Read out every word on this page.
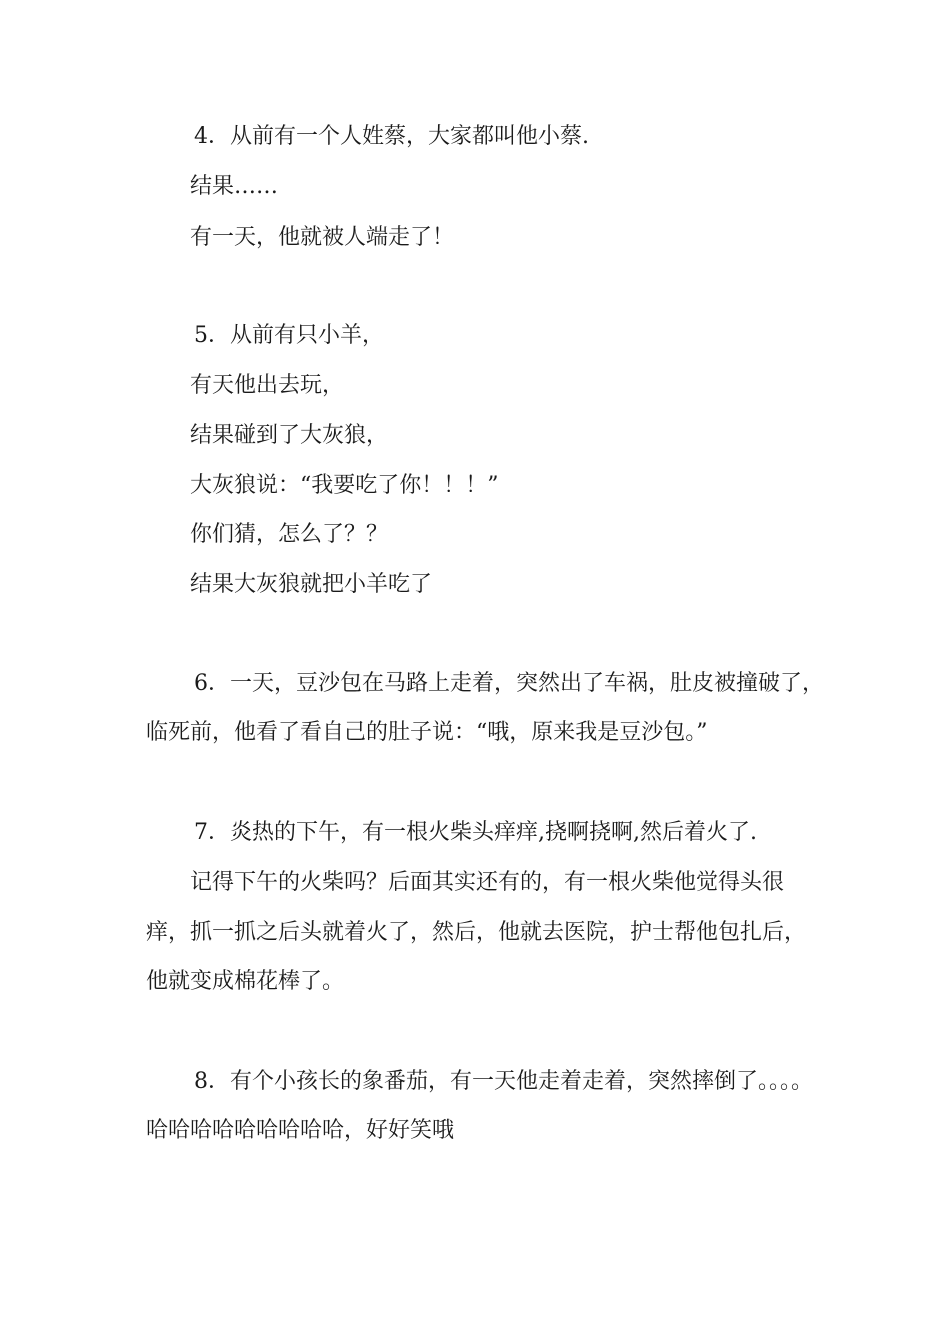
4．从前有一个人姓蔡，大家都叫他小蔡.

结果……

有一天，他就被人端走了！

5．从前有只小羊，

有天他出去玩，

结果碰到了大灰狼，

大灰狼说：“我要吃了你！！！”

你们猜，怎么了？？

结果大灰狼就把小羊吃了

6．一天，豆沙包在马路上走着，突然出了车祸，肚皮被撞破了，

临死前，他看了看自己的肚子说：“哦，原来我是豆沙包。”

7．炎热的下午，有一根火柴头痒痒,挠啊挠啊,然后着火了.

记得下午的火柴吗？后面其实还有的，有一根火柴他觉得头很

痒，抓一抓之后头就着火了，然后，他就去医院，护士帮他包扎后，

他就变成棉花棒了。

8．有个小孩长的象番茄，有一天他走着走着，突然摔倒了。。。。

哈哈哈哈哈哈哈哈哈，好好笑哦
